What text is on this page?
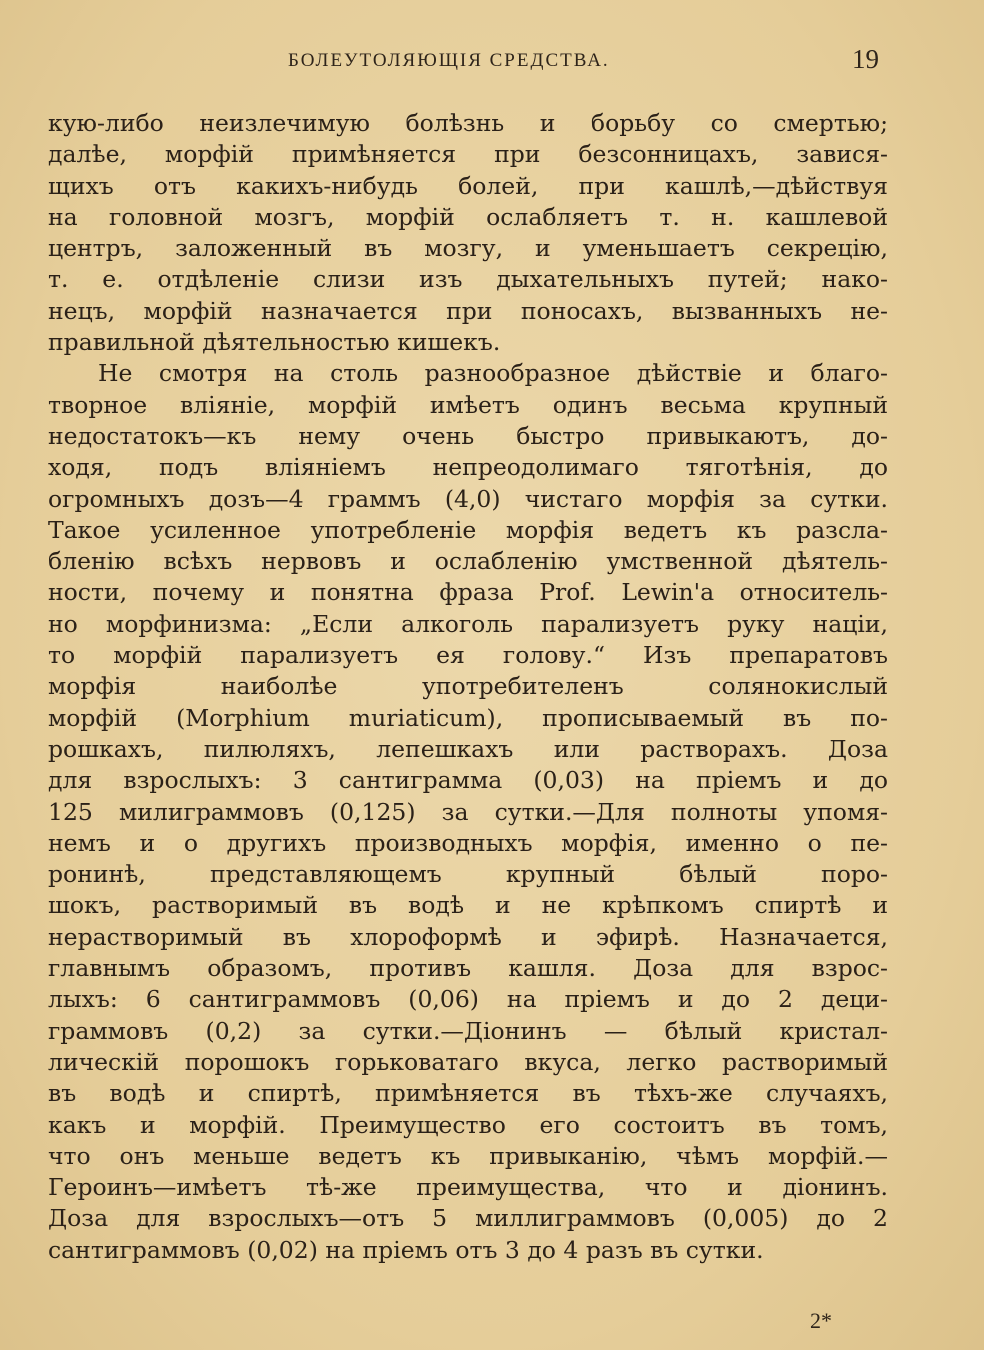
БОЛЕУТОЛЯЮЩІЯ СРЕДСТВА.	19
кую-либо неизлечимую болѣзнь и борьбу со смертью;
далѣе, морфій примѣняется при безсонницахъ, завися-
щихъ отъ какихъ-нибудь болей, при кашлѣ,—дѣйствуя
на головной мозгъ, морфій ослабляетъ т. н. кашлевой
центръ, заложенный въ мозгу, и уменьшаетъ секрецію,
т. е. отдѣленіе слизи изъ дыхательныхъ путей; нако-
нецъ, морфій назначается при поносахъ, вызванныхъ не-
правильной дѣятельностью кишекъ.
Не смотря на столь разнообразное дѣйствіе и благо-
творное вліяніе, морфій имѣетъ одинъ весьма крупный
недостатокъ—къ нему очень быстро привыкаютъ, до-
ходя, подъ вліяніемъ непреодолимаго тяготѣнія, до
огромныхъ дозъ—4 граммъ (4,0) чистаго морфія за сутки.
Такое усиленное употребленіе морфія ведетъ къ разсла-
бленію всѣхъ нервовъ и ослабленію умственной дѣятель-
ности, почему и понятна фраза Prof. Lewin'а относитель-
но морфинизма: „Если алкоголь парализуетъ руку націи,
то морфій парализуетъ ея голову.“ Изъ препаратовъ
морфія наиболѣе употребителенъ солянокислый
морфій (Morphium muriaticum), прописываемый въ по-
рошкахъ, пилюляхъ, лепешкахъ или растворахъ. Доза
для взрослыхъ: 3 сантиграмма (0,03) на пріемъ и до
125 милиграммовъ (0,125) за сутки.—Для полноты упомя-
немъ и о другихъ производныхъ морфія, именно о пе-
ронинѣ, представляющемъ крупный бѣлый поро-
шокъ, растворимый въ водѣ и не крѣпкомъ спиртѣ и
нерастворимый въ хлороформѣ и эфирѣ. Назначается,
главнымъ образомъ, противъ кашля. Доза для взрос-
лыхъ: 6 сантиграммовъ (0,06) на пріемъ и до 2 деци-
граммовъ (0,2) за сутки.—Діонинъ — бѣлый кристал-
лическій порошокъ горьковатаго вкуса, легко растворимый
въ водѣ и спиртѣ, примѣняется въ тѣхъ-же случаяхъ,
какъ и морфій. Преимущество его состоитъ въ томъ,
что онъ меньше ведетъ къ привыканію, чѣмъ морфій.—
Героинъ—имѣетъ тѣ-же преимущества, что и діонинъ.
Доза для взрослыхъ—отъ 5 миллиграммовъ (0,005) до 2
сантиграммовъ (0,02) на пріемъ отъ 3 до 4 разъ въ сутки.
2*
